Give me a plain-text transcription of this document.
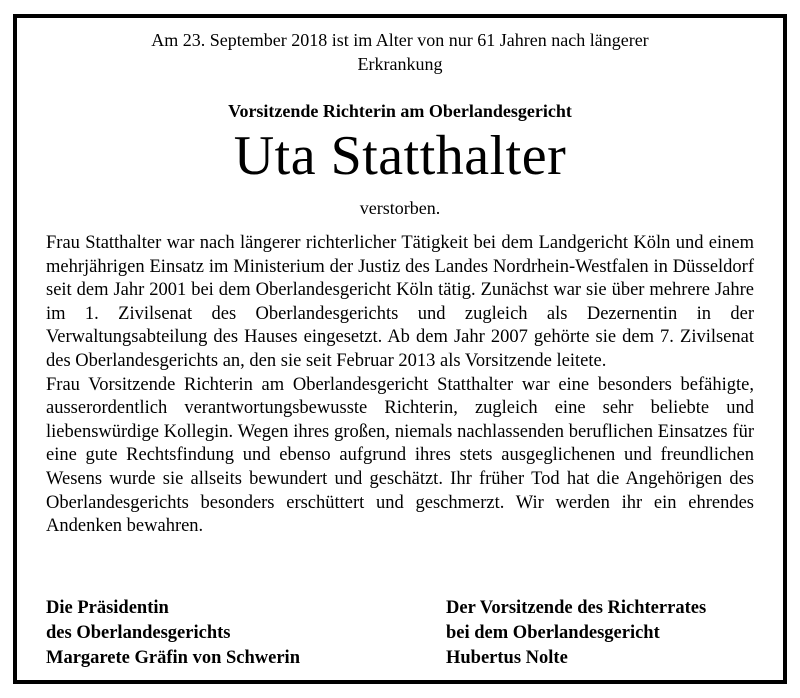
Am 23. September 2018 ist im Alter von nur 61 Jahren nach längerer
Erkrankung
Vorsitzende Richterin am Oberlandesgericht
Uta Statthalter
verstorben.

Frau Statthalter war nach längerer richterlicher Tätigkeit bei dem Landgericht Köln und einem mehrjährigen Einsatz im Ministerium der Justiz des Landes Nordrhein-Westfalen in Düsseldorf seit dem Jahr 2001 bei dem Oberlandesgericht Köln tätig. Zunächst war sie über mehrere Jahre im 1. Zivilsenat des Oberlandesgerichts und zugleich als Dezernentin in der Verwaltungsabteilung des Hauses eingesetzt. Ab dem Jahr 2007 gehörte sie dem 7. Zivilsenat des Oberlandesgerichts an, den sie seit Februar 2013 als Vorsitzende leitete.

Frau Vorsitzende Richterin am Oberlandesgericht Statthalter war eine besonders befähigte, ausserordentlich verantwortungsbewusste Richterin, zugleich eine sehr beliebte und liebenswürdige Kollegin. Wegen ihres großen, niemals nachlassenden beruflichen Einsatzes für eine gute Rechtsfindung und ebenso aufgrund ihres stets ausgeglichenen und freundlichen Wesens wurde sie allseits bewundert und geschätzt. Ihr früher Tod hat die Angehörigen des Oberlandesgerichts besonders erschüttert und geschmerzt. Wir werden ihr ein ehrendes Andenken bewahren.

Die Präsidentin
des Oberlandesgerichts
Margarete Gräfin von Schwerin
Der Vorsitzende des Richterrates
bei dem Oberlandesgericht
Hubertus Nolte
